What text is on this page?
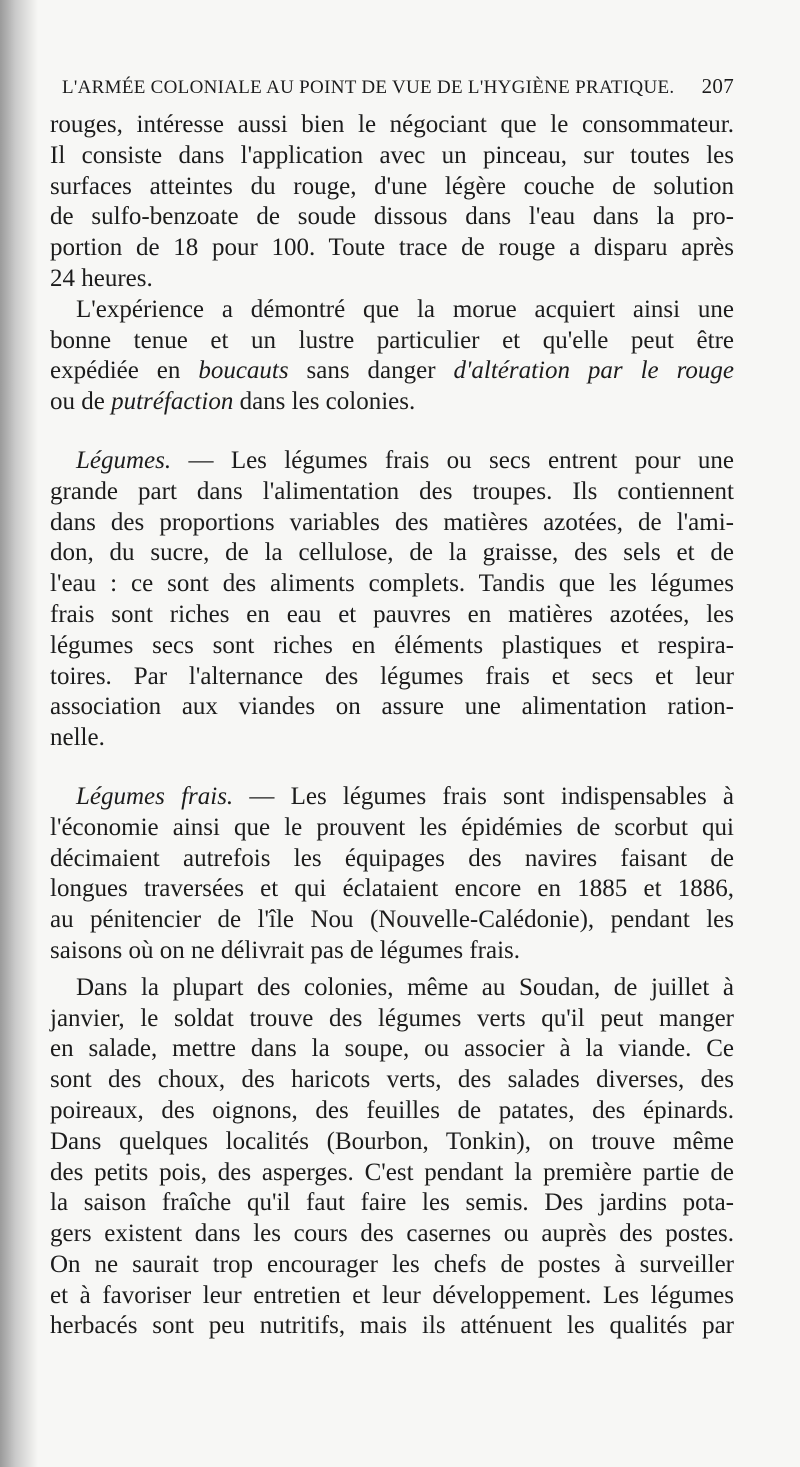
L'ARMÉE COLONIALE AU POINT DE VUE DE L'HYGIÈNE PRATIQUE. 207

rouges, intéresse aussi bien le négociant que le consommateur.

Il consiste dans l'application avec un pinceau, sur toutes les

surfaces atteintes du rouge, d'une légère couche de solution

de sulfo-benzoate de soude dissous dans l'eau dans la pro-

portion de 18 pour 100. Toute trace de rouge a disparu après

24 heures.

L'expérience a démontré que la morue acquiert ainsi une

bonne tenue et un lustre particulier et qu'elle peut être

expédiée en boucauts sans danger d'altération par le rouge

ou de putréfaction dans les colonies.

Légumes. — Les légumes frais ou secs entrent pour une

grande part dans l'alimentation des troupes. Ils contiennent

dans des proportions variables des matières azotées, de l'ami-

don, du sucre, de la cellulose, de la graisse, des sels et de

l'eau : ce sont des aliments complets. Tandis que les légumes

frais sont riches en eau et pauvres en matières azotées, les

légumes secs sont riches en éléments plastiques et respira-

toires. Par l'alternance des légumes frais et secs et leur

association aux viandes on assure une alimentation ration-

nelle.

Légumes frais. — Les légumes frais sont indispensables à

l'économie ainsi que le prouvent les épidémies de scorbut qui

décimaient autrefois les équipages des navires faisant de

longues traversées et qui éclataient encore en 1885 et 1886,

au pénitencier de l'île Nou (Nouvelle-Calédonie), pendant les

saisons où on ne délivrait pas de légumes frais.

Dans la plupart des colonies, même au Soudan, de juillet à

janvier, le soldat trouve des légumes verts qu'il peut manger

en salade, mettre dans la soupe, ou associer à la viande. Ce

sont des choux, des haricots verts, des salades diverses, des

poireaux, des oignons, des feuilles de patates, des épinards.

Dans quelques localités (Bourbon, Tonkin), on trouve même

des petits pois, des asperges. C'est pendant la première partie de

la saison fraîche qu'il faut faire les semis. Des jardins pota-

gers existent dans les cours des casernes ou auprès des postes.

On ne saurait trop encourager les chefs de postes à surveiller

et à favoriser leur entretien et leur développement. Les légumes

herbacés sont peu nutritifs, mais ils atténuent les qualités par
